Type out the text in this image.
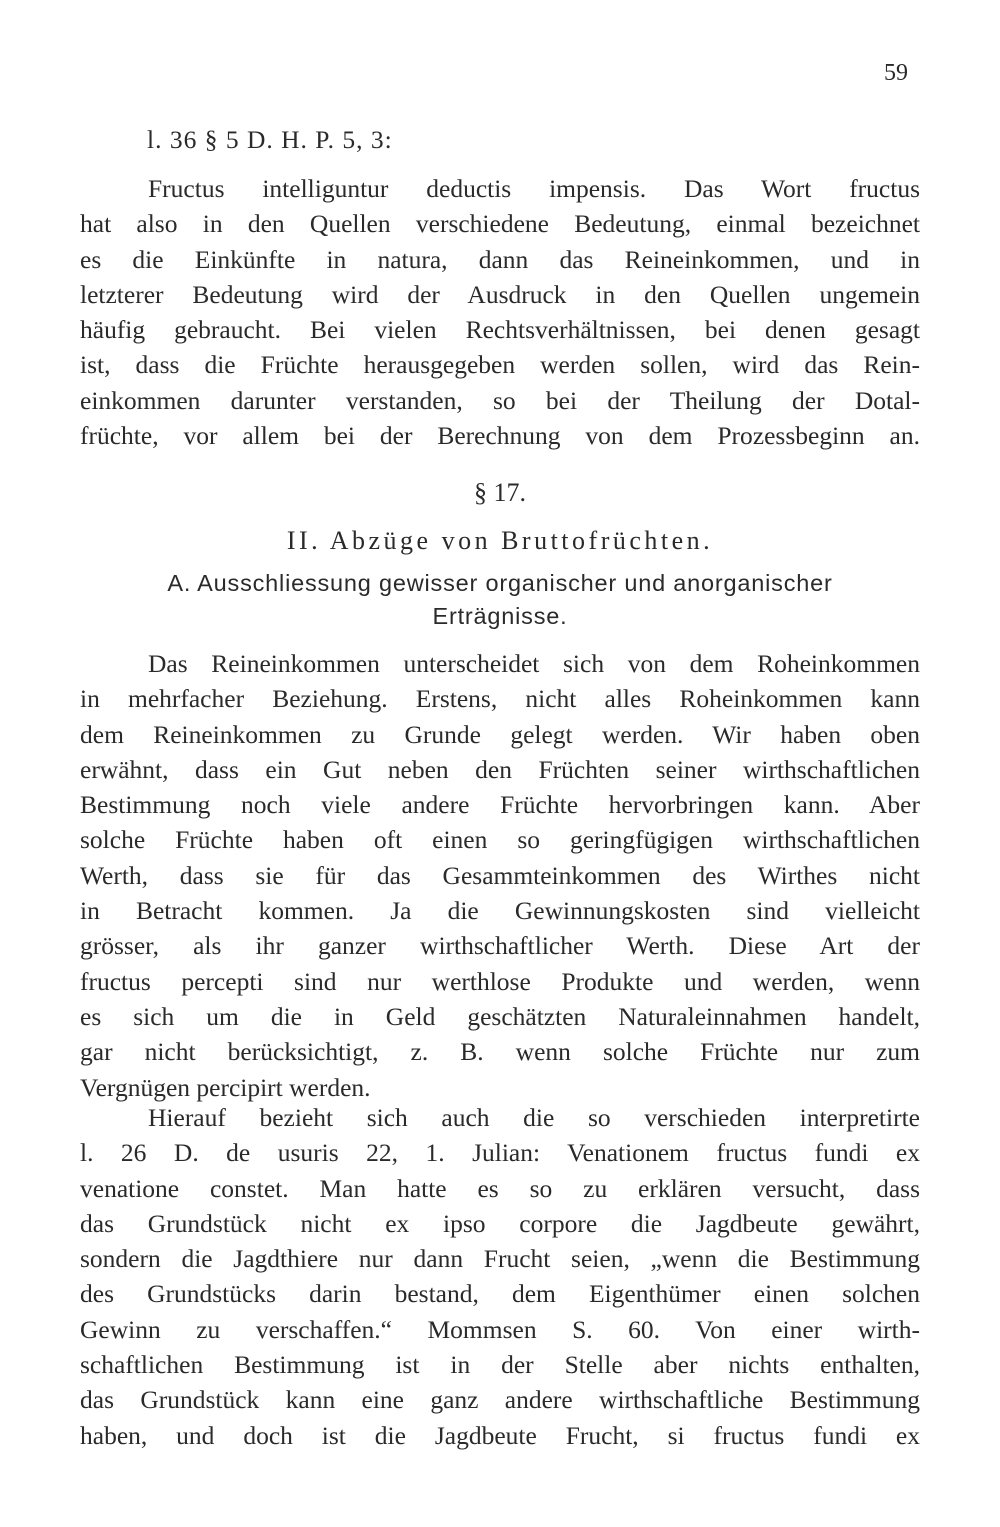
59
l. 36 § 5 D. H. P. 5, 3:
Fructus intelliguntur deductis impensis. Das Wort fructus
hat also in den Quellen verschiedene Bedeutung, einmal bezeichnet
es die Einkünfte in natura, dann das Reineinkommen, und in
letzterer Bedeutung wird der Ausdruck in den Quellen ungemein
häufig gebraucht. Bei vielen Rechtsverhältnissen, bei denen gesagt
ist, dass die Früchte herausgegeben werden sollen, wird das Rein-
einkommen darunter verstanden, so bei der Theilung der Dotal-
früchte, vor allem bei der Berechnung von dem Prozessbeginn an.
§ 17.
II. Abzüge von Bruttofrüchten.
A. Ausschliessung gewisser organischer und anorganischer
Erträgnisse.
Das Reineinkommen unterscheidet sich von dem Roheinkommen
in mehrfacher Beziehung. Erstens, nicht alles Roheinkommen kann
dem Reineinkommen zu Grunde gelegt werden. Wir haben oben
erwähnt, dass ein Gut neben den Früchten seiner wirthschaftlichen
Bestimmung noch viele andere Früchte hervorbringen kann. Aber
solche Früchte haben oft einen so geringfügigen wirthschaftlichen
Werth, dass sie für das Gesammteinkommen des Wirthes nicht
in Betracht kommen. Ja die Gewinnungskosten sind vielleicht
grösser, als ihr ganzer wirthschaftlicher Werth. Diese Art der
fructus percepti sind nur werthlose Produkte und werden, wenn
es sich um die in Geld geschätzten Naturaleinnahmen handelt,
gar nicht berücksichtigt, z. B. wenn solche Früchte nur zum
Vergnügen percipirt werden.
Hierauf bezieht sich auch die so verschieden interpretirte
l. 26 D. de usuris 22, 1. Julian: Venationem fructus fundi ex
venatione constet. Man hatte es so zu erklären versucht, dass
das Grundstück nicht ex ipso corpore die Jagdbeute gewährt,
sondern die Jagdthiere nur dann Frucht seien, „wenn die Bestimmung
des Grundstücks darin bestand, dem Eigenthümer einen solchen
Gewinn zu verschaffen.“ Mommsen S. 60. Von einer wirth-
schaftlichen Bestimmung ist in der Stelle aber nichts enthalten,
das Grundstück kann eine ganz andere wirthschaftliche Bestimmung
haben, und doch ist die Jagdbeute Frucht, si fructus fundi ex
